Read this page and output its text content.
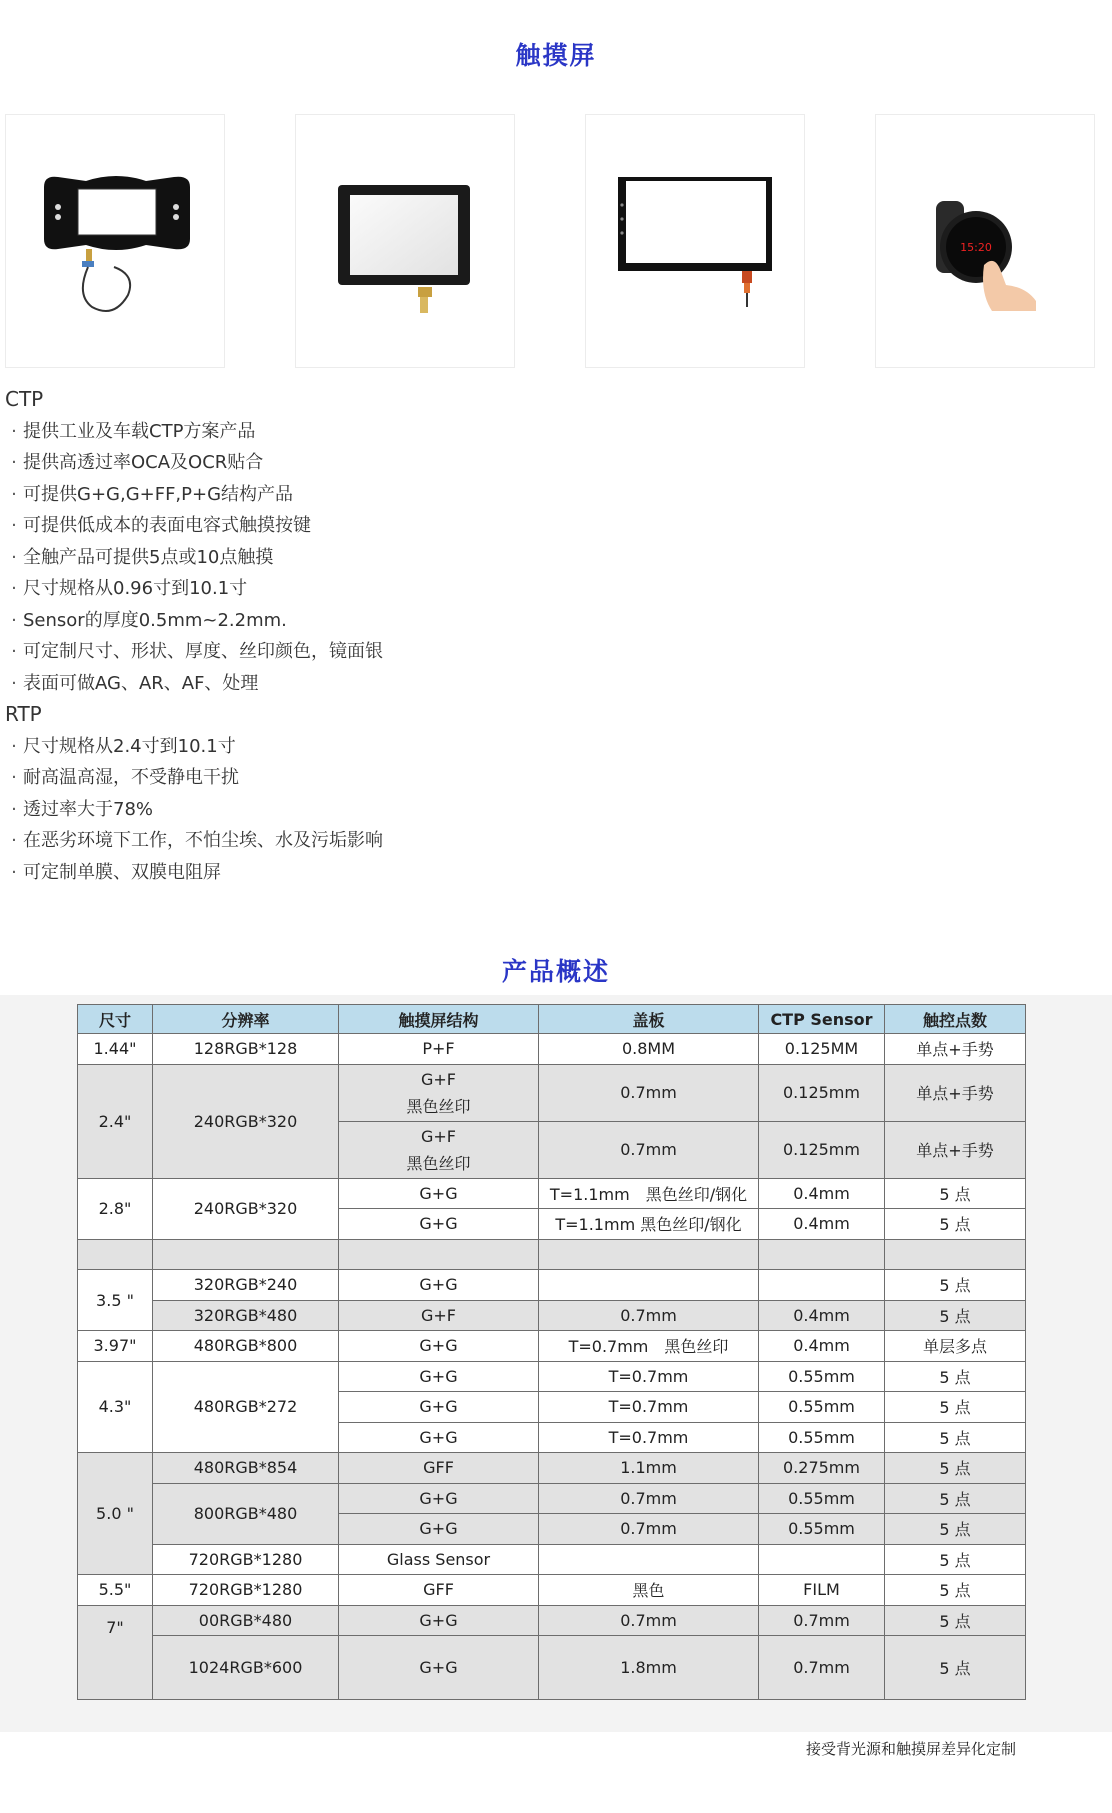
触摸屏
15:20
CTP
· 提供工业及车载CTP方案产品
· 提供高透过率OCA及OCR贴合
· 可提供G+G,G+FF,P+G结构产品
· 可提供低成本的表面电容式触摸按键
· 全触产品可提供5点或10点触摸
· 尺寸规格从0.96寸到10.1寸
· Sensor的厚度0.5mm~2.2mm.
· 可定制尺寸、形状、厚度、丝印颜色，镜面银
· 表面可做AG、AR、AF、处理
RTP
· 尺寸规格从2.4寸到10.1寸
· 耐高温高湿，不受静电干扰
· 透过率大于78%
· 在恶劣环境下工作，不怕尘埃、水及污垢影响
· 可定制单膜、双膜电阻屏
产品概述
尺寸	分辨率	触摸屏结构	盖板	CTP Sensor	触控点数
1.44"	128RGB*128	P+F	0.8MM	0.125MM	单点+手势
2.4"	240RGB*320	G+F
黑色丝印	0.7mm	0.125mm	单点+手势

		G+F
黑色丝印	0.7mm	0.125mm	单点+手势
2.8"	240RGB*320	G+G	T=1.1mm　黑色丝印/钢化	0.4mm	5 点
		G+G	T=1.1mm 黑色丝印/钢化	0.4mm	5 点

3.5 "	320RGB*240	G+G			5 点
	320RGB*480	G+F	0.7mm	0.4mm	5 点
3.97"	480RGB*800	G+G	T=0.7mm　黑色丝印	0.4mm	单层多点
4.3"	480RGB*272	G+G	T=0.7mm	0.55mm	5 点
		G+G	T=0.7mm	0.55mm	5 点
		G+G	T=0.7mm	0.55mm	5 点
5.0 "	480RGB*854	GFF	1.1mm	0.275mm	5 点
	800RGB*480	G+G	0.7mm	0.55mm	5 点
		G+G	0.7mm	0.55mm	5 点
	720RGB*1280	Glass Sensor			5 点
5.5"	720RGB*1280	GFF	黑色	FILM	5 点
7"	00RGB*480	G+G	0.7mm	0.7mm	5 点
	1024RGB*600	G+G	1.8mm	0.7mm	5 点
接受背光源和触摸屏差异化定制
